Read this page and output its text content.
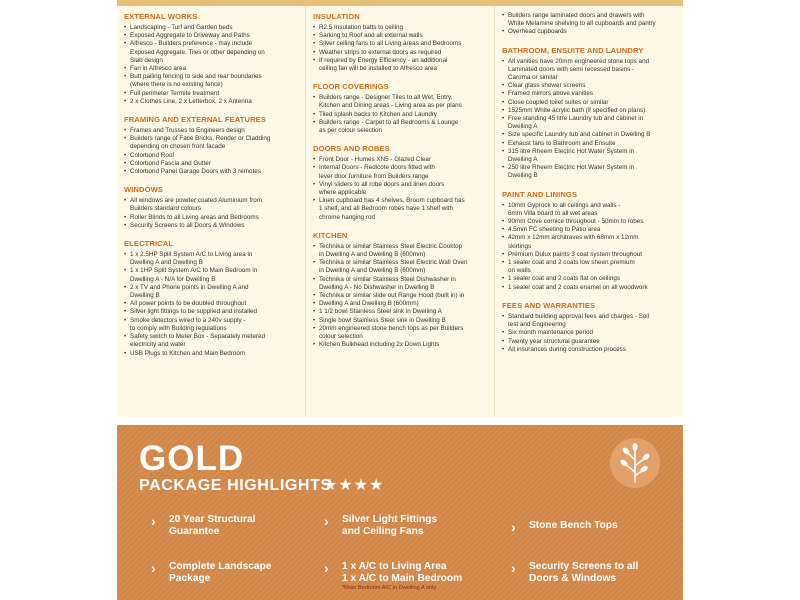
EXTERNAL WORKS
• Landscaping - Turf and Garden beds
• Exposed Aggregate to Driveway and Paths
• Alfresco - Builders preference - may include
Exposed Aggregate, Tiles or other depending on
Slab design
• Fan in Alfresco area
• Butt pailing fencing to side and rear boundaries
(where there is no existing fence)
• Full perimeter Termite treatment
• 2 x Clothes Line, 2 x Letterbox, 2 x Antenna
FRAMING AND EXTERNAL FEATURES
• Frames and Trusses to Engineers design
• Builders range of Face Bricks, Render or Cladding
depending on chosen front facade
• Colorbond Roof
• Colorbond Fascia and Gutter
• Colorbond Panel Garage Doors with 3 remotes
WINDOWS
• All windows are powder coated Aluminium from
Builders standard colours
• Roller Blinds to all Living areas and Bedrooms
• Security Screens to all Doors & Windows
ELECTRICAL
• 1 x 2.5HP Split System A/C to Living area in
Dwelling A and Dwelling B
• 1 x 1HP Split System A/C to Main Bedroom in
Dwelling A - N/A for Dwelling B
• 2 x TV and Phone points in Dwelling A and
Dwelling B
• All power points to be doubled throughout
• Silver light fittings to be supplied and installed
• Smoke detectors wired to a 240v supply -
to comply with Building regulations
• Safety switch to Meter Box - Separately metered
electricity and water
• USB Plugs to Kitchen and Main Bedroom
INSULATION
• R2.5 Insulation batts to ceiling
• Sarking to Roof and all external walls
• Silver ceiling fans to all Living areas and Bedrooms
• Weather strips to external doors as required
• If required by Energy Efficiency - an additional
ceiling fan will be installed to Alfresco area
FLOOR COVERINGS
• Builders range - Designer Tiles to all Wet, Entry,
Kitchen and Dining areas - Living area as per plans
• Tiled splash backs to Kitchen and Laundry
• Builders range - Carpet to all Bedrooms & Lounge
as per colour selection
DOORS AND ROBES
• Front Door - Humes XN5 - Glazed Clear
• Internal Doors - Redicote doors fitted with
lever door furniture from Builders range
• Vinyl sliders to all robe doors and linen doors
where applicable
• Linen cupboard has 4 shelves, Broom cupboard has
1 shelf, and all Bedroom robes have 1 shelf with
chrome hanging rod
KITCHEN
• Technika or similar Stainless Steel Electric Cooktop
in Dwelling A and Dwelling B (600mm)
• Technika or similar Stainless Steel Electric Wall Oven
in Dwelling A and Dwelling B (600mm)
• Technika or similar Stainless Steel Dishwasher in
Dwelling A - No Dishwasher in Dwelling B
• Technika or similar slide out Range Hood (built in) in
• Dwelling A and Dwelling B (600mm)
• 1 1/2 bowl Stainless Steel sink in Dwelling A
• Single bowl Stainless Steel sink in Dwelling B
• 20mm engineered stone bench tops as per Builders
colour selection
• Kitchen Bulkhead including 2x Down Lights
• Builders range laminated doors and drawers with
White Melamine shelving to all cupboards and pantry
• Overhead cupboards
BATHROOM, ENSUITE AND LAUNDRY
• All vanities have 20mm engineered stone tops and
Laminated doors with semi recessed basins -
Caroma or similar
• Clear glass shower screens
• Framed mirrors above vanities
• Close coupled toilet suites or similar
• 1525mm White acrylic bath (if specified on plans)
• Free standing 45 litre Laundry tub and cabinet in
Dwelling A
• Size specific Laundry tub and cabinet in Dwelling B
• Exhaust fans to Bathroom and Ensuite
• 315 litre Rheem Electric Hot Water System in
Dwelling A
• 250 litre Rheem Electric Hot Water System in
Dwelling B
PAINT AND LININGS
• 10mm Gyprock to all ceilings and walls -
6mm Villa board to all wet areas
• 90mm Cove cornice throughout - 50mm to robes
• 4.5mm FC sheeting to Patio area
• 42mm x 12mm architraves with 68mm x 12mm
skirtings
• Premium Dulux paints 3 coat system throughout
• 1 sealer coat and 2 coats low sheen premium
on walls
• 1 sealer coat and 2 coats flat on ceilings
• 1 sealer coat and 2 coats enamel on all woodwork
FEES AND WARRANTIES
• Standard building approval fees and charges - Soil
test and Engineering
• Six month maintenance period
• Twenty year structural guarantee
• All insurances during construction process
GOLD
PACKAGE HIGHLIGHTS
★★★★
›	20 Year Structural
Guarantee
›	Silver Light Fittings
and Ceiling Fans	›	Stone Bench Tops
›	Complete Landscape
Package
›	1 x A/C to Living Area
1 x A/C to Main Bedroom
*Main Bedroom A/C in Dwelling A only
›	Security Screens to all
Doors & Windows
